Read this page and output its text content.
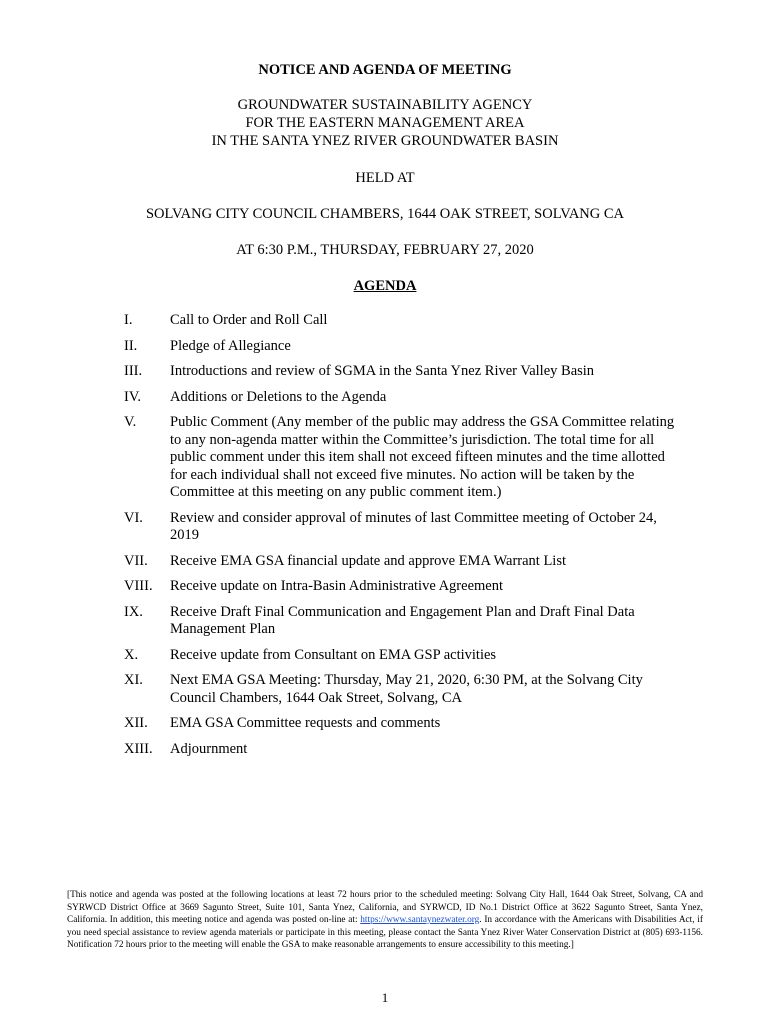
NOTICE AND AGENDA OF MEETING
GROUNDWATER SUSTAINABILITY AGENCY
FOR THE EASTERN MANAGEMENT AREA
IN THE SANTA YNEZ RIVER GROUNDWATER BASIN
HELD AT
SOLVANG CITY COUNCIL CHAMBERS, 1644 OAK STREET, SOLVANG CA
AT 6:30 P.M., THURSDAY, FEBRUARY 27, 2020
AGENDA
I.	Call to Order and Roll Call
II.	Pledge of Allegiance
III.	Introductions and review of SGMA in the Santa Ynez River Valley Basin
IV.	Additions or Deletions to the Agenda
V.	Public Comment (Any member of the public may address the GSA Committee relating to any non-agenda matter within the Committee’s jurisdiction. The total time for all public comment under this item shall not exceed fifteen minutes and the time allotted for each individual shall not exceed five minutes. No action will be taken by the Committee at this meeting on any public comment item.)
VI.	Review and consider approval of minutes of last Committee meeting of October 24, 2019
VII.	Receive EMA GSA financial update and approve EMA Warrant List
VIII.	Receive update on Intra-Basin Administrative Agreement
IX.	Receive Draft Final Communication and Engagement Plan and Draft Final Data Management Plan
X.	Receive update from Consultant on EMA GSP activities
XI.	Next EMA GSA Meeting: Thursday, May 21, 2020, 6:30 PM, at the Solvang City Council Chambers, 1644 Oak Street, Solvang, CA
XII.	EMA GSA Committee requests and comments
XIII.	Adjournment
[This notice and agenda was posted at the following locations at least 72 hours prior to the scheduled meeting: Solvang City Hall, 1644 Oak Street, Solvang, CA and SYRWCD District Office at 3669 Sagunto Street, Suite 101, Santa Ynez, California, and SYRWCD, ID No.1 District Office at 3622 Sagunto Street, Santa Ynez, California. In addition, this meeting notice and agenda was posted on-line at: https://www.santaynezwater.org. In accordance with the Americans with Disabilities Act, if you need special assistance to review agenda materials or participate in this meeting, please contact the Santa Ynez River Water Conservation District at (805) 693-1156. Notification 72 hours prior to the meeting will enable the GSA to make reasonable arrangements to ensure accessibility to this meeting.]
1
